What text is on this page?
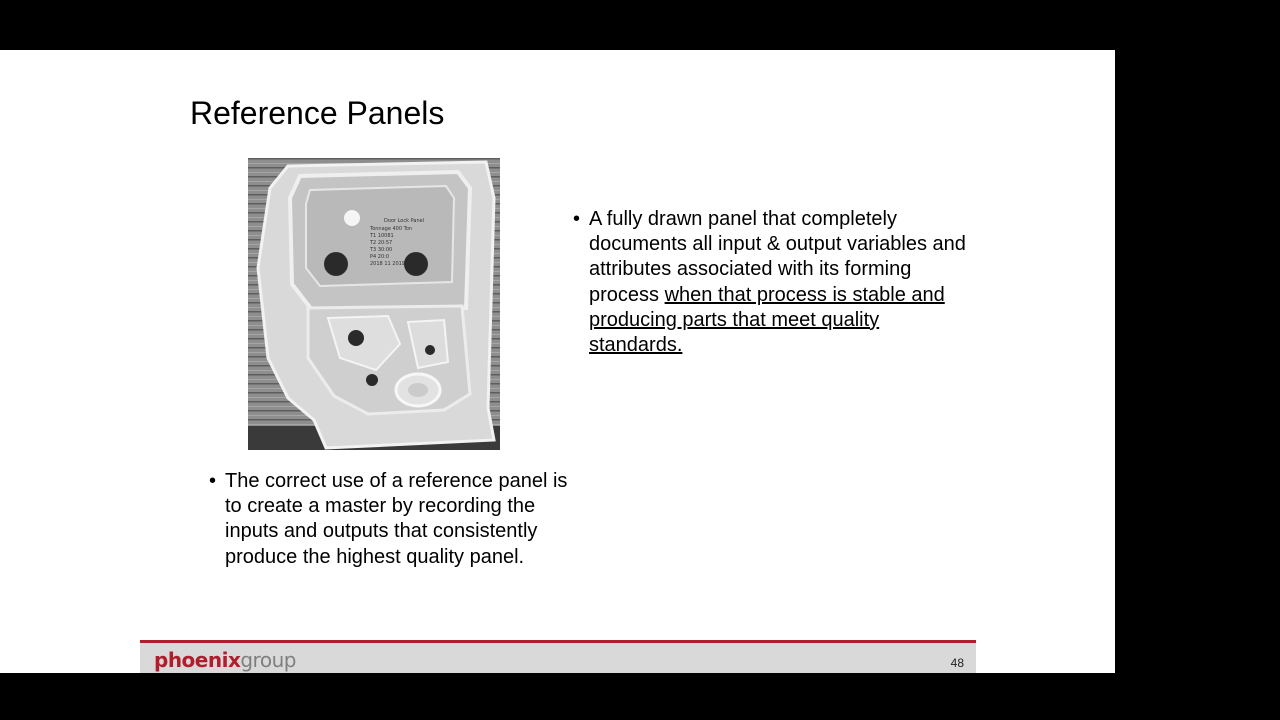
Reference Panels
Door Lock Panel
Tonnage 400 Ton
T1 10081
T2 20:57
T3 30:00
P4 20:0
2018 11 2019
• The correct use of a reference panel is to create a master by recording the inputs and outputs that consistently produce the highest quality panel.
• A fully drawn panel that completely documents all input & output variables and attributes associated with its forming process when that process is stable and producing parts that meet quality standards.
phoenixgroup	48
